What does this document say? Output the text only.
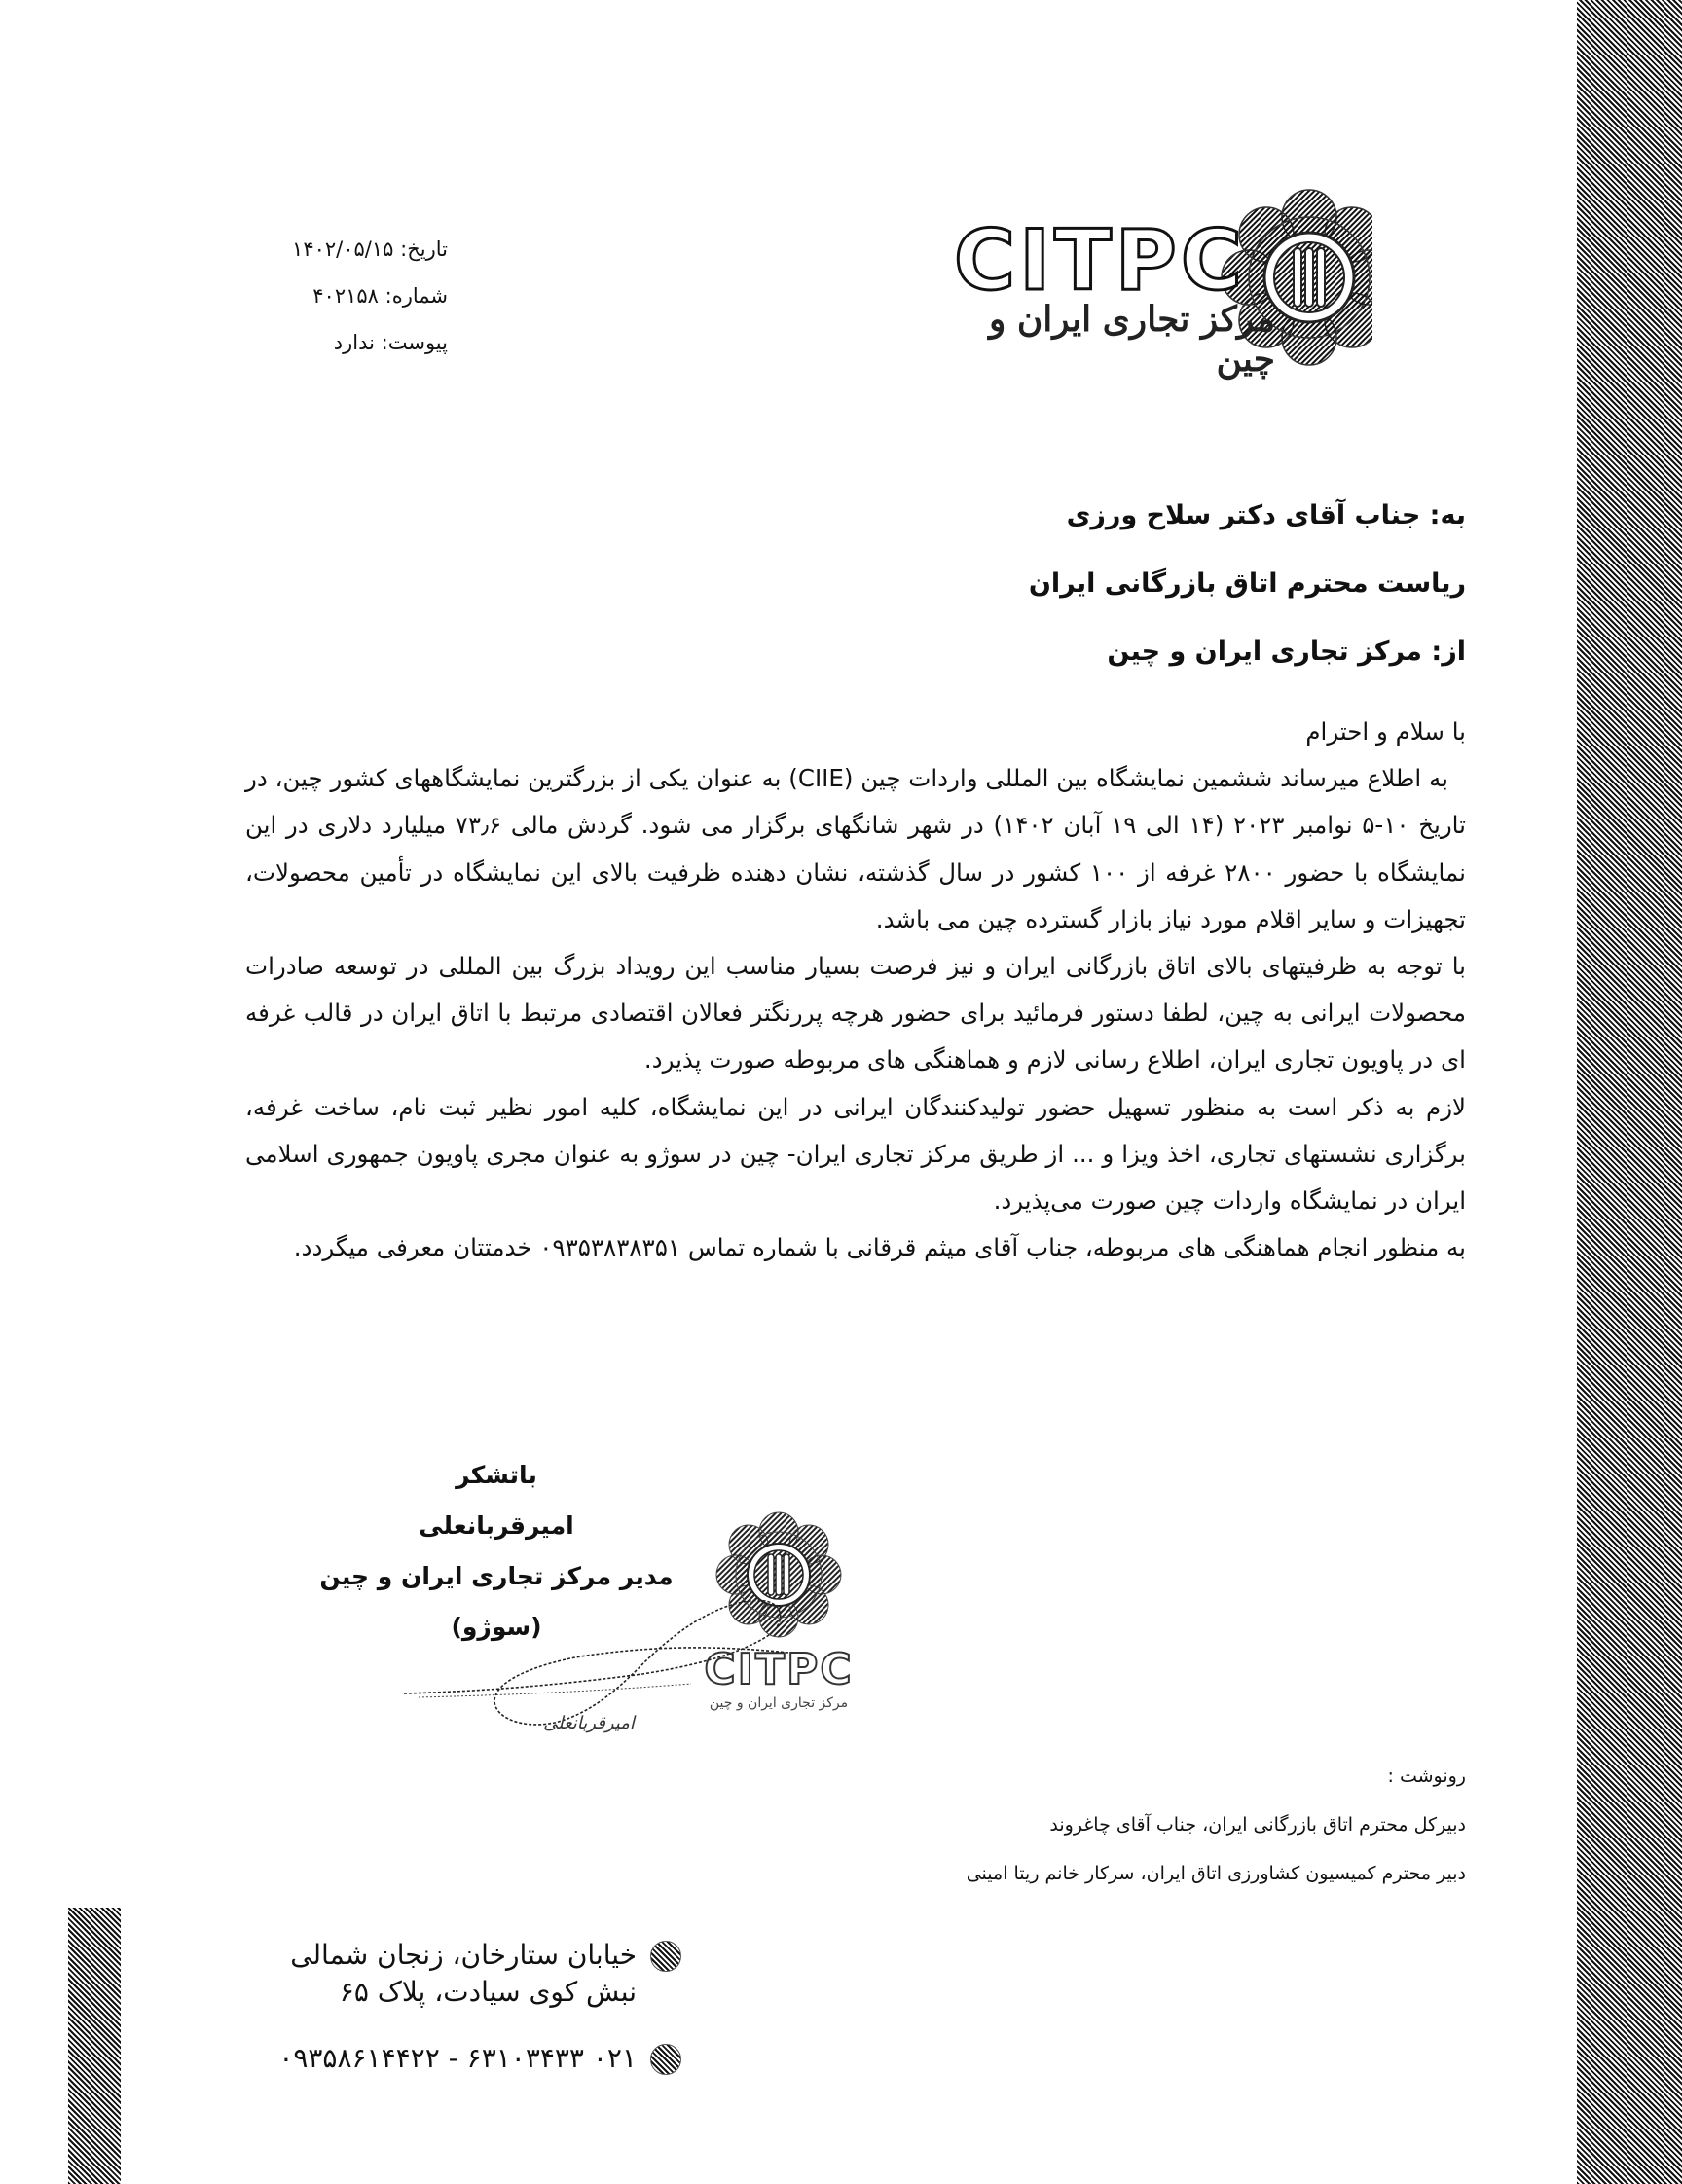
CITPC
مرکز تجاری ایران و چین
تاریخ: ۱۴۰۲/۰۵/۱۵
شماره: ۴۰۲۱۵۸
پیوست: ندارد
به: جناب آقای دکتر سلاح ورزی
ریاست محترم اتاق بازرگانی ایران
از: مرکز تجاری ایران و چین

با سلام و احترام

به اطلاع میرساند ششمین نمایشگاه بین المللی واردات چین (CIIE) به عنوان یکی از بزرگترین نمایشگاههای کشور چین، در تاریخ ۱۰-۵ نوامبر ۲۰۲۳ (۱۴ الی ۱۹ آبان ۱۴۰۲) در شهر شانگهای برگزار می شود. گردش مالی ۷۳٫۶ میلیارد دلاری در این نمایشگاه با حضور ۲۸۰۰ غرفه از ۱۰۰ کشور در سال گذشته، نشان دهنده ظرفیت بالای این نمایشگاه در تأمین محصولات، تجهیزات و سایر اقلام مورد نیاز بازار گسترده چین می باشد.

با توجه به ظرفیتهای بالای اتاق بازرگانی ایران و نیز فرصت بسیار مناسب این رویداد بزرگ بین المللی در توسعه صادرات محصولات ایرانی به چین، لطفا دستور فرمائید برای حضور هرچه پررنگتر فعالان اقتصادی مرتبط با اتاق ایران در قالب غرفه ای در پاویون تجاری ایران، اطلاع رسانی لازم و هماهنگی های مربوطه صورت پذیرد.

لازم به ذکر است به منظور تسهیل حضور تولیدکنندگان ایرانی در این نمایشگاه، کلیه امور نظیر ثبت نام، ساخت غرفه، برگزاری نشستهای تجاری، اخذ ویزا و ... از طریق مرکز تجاری ایران- چین در سوژو به عنوان مجری پاویون جمهوری اسلامی ایران در نمایشگاه واردات چین صورت می‌پذیرد.

به منظور انجام هماهنگی های مربوطه، جناب آقای میثم قرقانی با شماره تماس ۰۹۳۵۳۸۳۸۳۵۱ خدمتتان معرفی میگردد.

باتشکر
امیرقربانعلی
مدیر مرکز تجاری ایران و چین (سوژو)
CITPC
مرکز تجاری ایران و چین
امیرقربانعلی
رونوشت :
دبیرکل محترم اتاق بازرگانی ایران، جناب آقای چاغروند
دبیر محترم کمیسیون کشاورزی اتاق ایران، سرکار خانم ریتا امینی
خیابان ستارخان، زنجان شمالی
نبش کوی سیادت، پلاک ۶۵
۰۲۱ ۶۳۱۰۳۴۳۳ - ۰۹۳۵۸۶۱۴۴۲۲
